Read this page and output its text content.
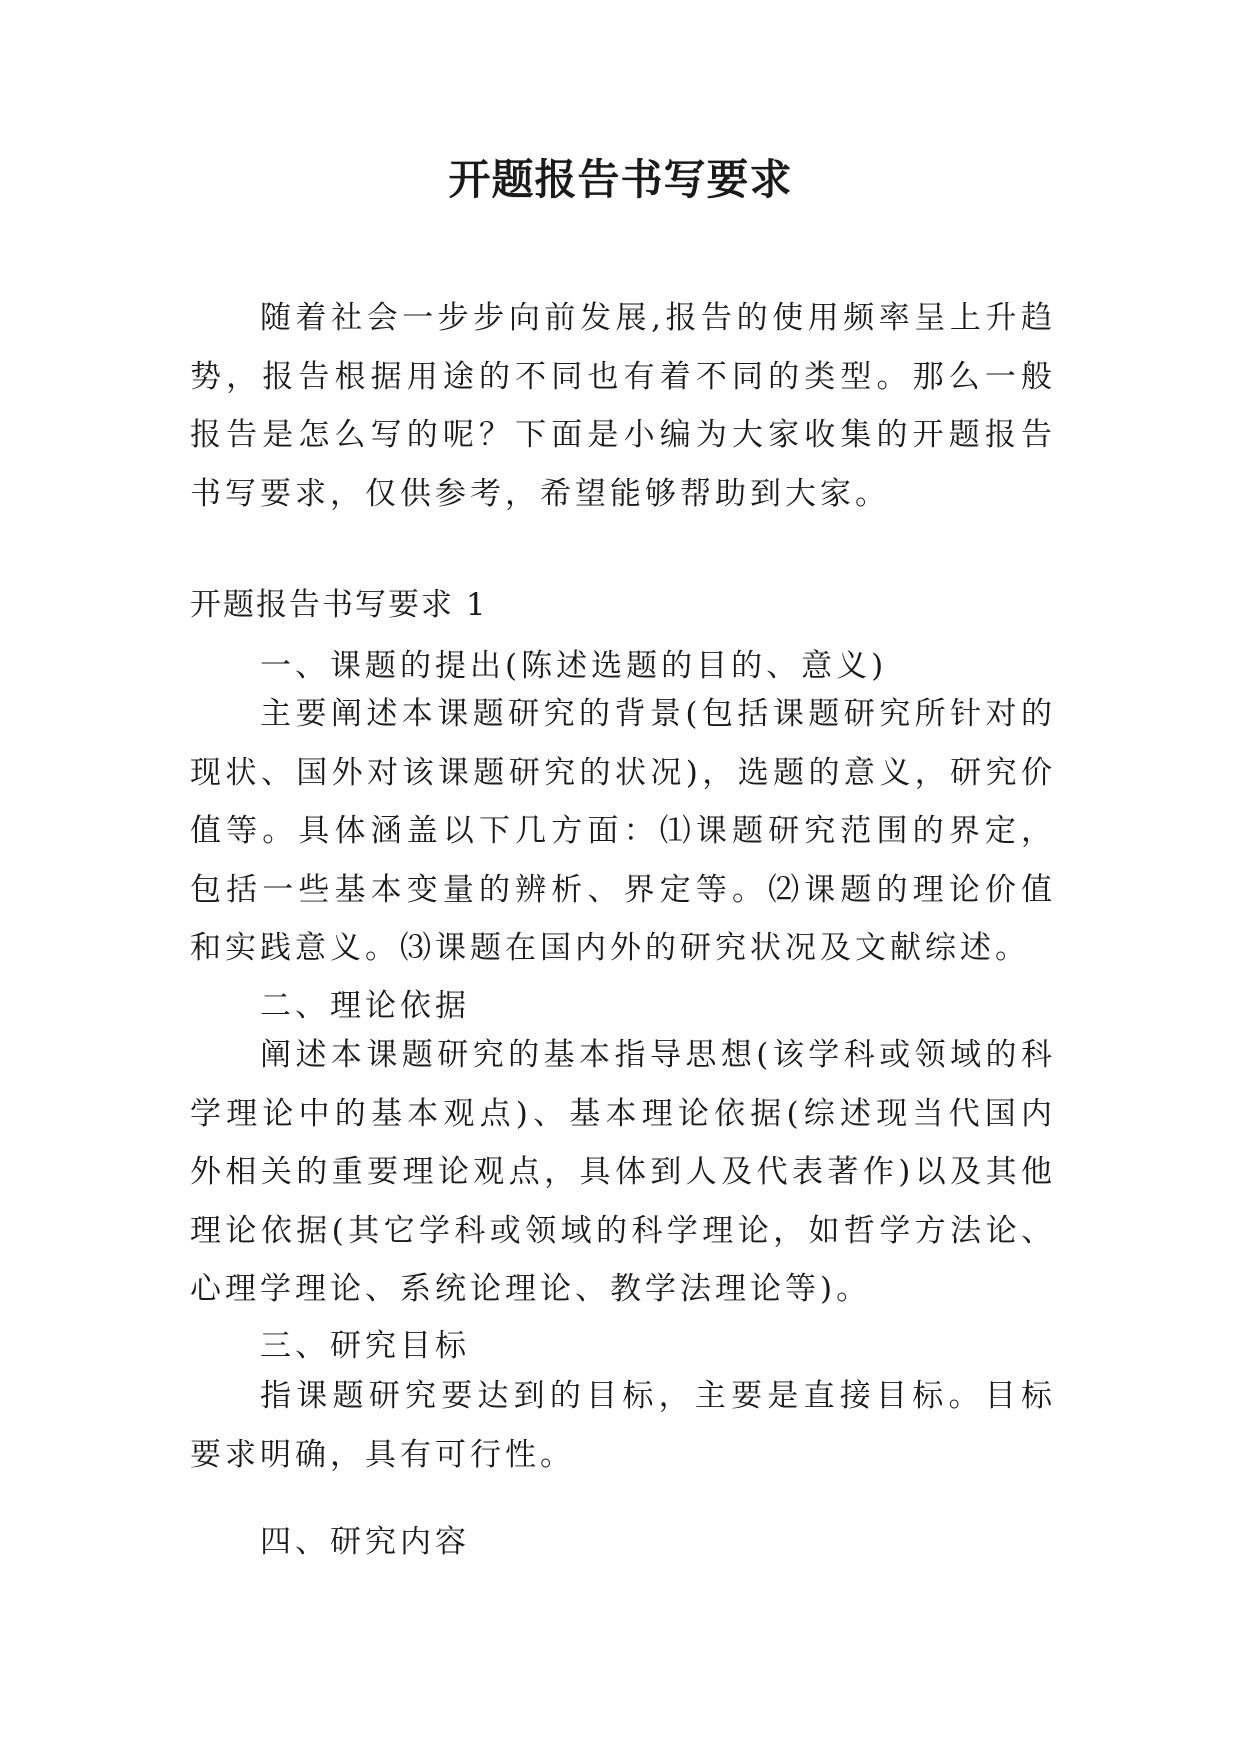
开题报告书写要求

随着社会一步步向前发展,报告的使用频率呈上升趋势，报告根据用途的不同也有着不同的类型。那么一般报告是怎么写的呢？下面是小编为大家收集的开题报告书写要求，仅供参考，希望能够帮助到大家。

开题报告书写要求 1

一、课题的提出(陈述选题的目的、意义)

主要阐述本课题研究的背景(包括课题研究所针对的现状、国外对该课题研究的状况)，选题的意义，研究价值等。具体涵盖以下几方面：⑴课题研究范围的界定，包括一些基本变量的辨析、界定等。⑵课题的理论价值和实践意义。⑶课题在国内外的研究状况及文献综述。

二、理论依据

阐述本课题研究的基本指导思想(该学科或领域的科学理论中的基本观点)、基本理论依据(综述现当代国内外相关的重要理论观点，具体到人及代表著作)以及其他理论依据(其它学科或领域的科学理论，如哲学方法论、心理学理论、系统论理论、教学法理论等)。

三、研究目标

指课题研究要达到的目标，主要是直接目标。目标要求明确，具有可行性。

四、研究内容
